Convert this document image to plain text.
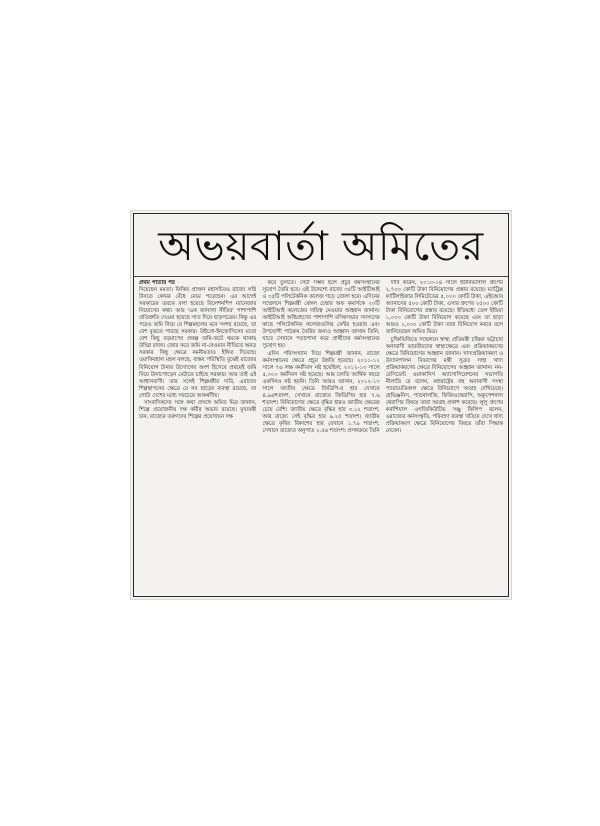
অভয়বার্তা অমিতের

প্রথম পাতার পর
দিয়েছেন মমতা। ফিকির প্রাক্তন মহাসচিবও রাজ্যে লগ্নি টানতে কোমর বেঁধে নেমে পড়েছেন। এর আগেই সরকারের তরফে বলা হয়েছে রিলেশনশিপ ম্যানেজার নিয়োগের কথা। আর 'এক জানালা নীতির' পাশাপাশি প্রতিশ্রুতি দেওয়া হয়েছে সাত দিনে ছাড়পত্রের। কিন্তু এর পরেও জমি নিয়ে যে শিল্পমহলের মনে সংশয় রয়েছে, তা বেশ বুঝতে পারছে সরকার। উইপ্রো-ইনফোসিসের মতো বেশ কিছু বড়মাপের প্রকল্প জমি-জটে থমকে থাকায় উদ্বিগ্ন রাজ্য। জোর করে জমি না-নেওয়ার নীতিতে অনড় সরকার কিছু ক্ষেত্রে নমনীয়তাও ইঙ্গিত দিয়েছে। ওয়াকিবহাল মহল বলছে, বাস্তব পরিস্থিতি বুঝেই রাজ্যের বিনিয়োগ টানার উদ্যোগের অংশ হিসেবে প্রথমেই জমি নিয়ে টানাপোড়েন মেটাতে চাইছে সরকার। আর তাই এই আশ্বাসবাণী। তার সঙ্গেই শিল্পমন্ত্রীর দাবি, এরাজ্যে শিল্পস্থাপনের ক্ষেত্রে যে সব ছাড়ের ব্যবস্থা রয়েছে, তা গোটা দেশের মধ্যে সবচেয়ে আকর্ষণীয়।

সাংবাদিকদের সঙ্গে কথা প্রসঙ্গে অমিত মিত্র জানান, শিল্পে প্রয়োজনীয় দক্ষ কর্মীর অভাব রয়েছে। মুখ্যমন্ত্রী চান, রাজ্যের তরুণদের শিল্পের প্রয়োজনে দক্ষ

করে তুলতে। সেটা সম্ভব হলে প্রচুর কর্মসংস্থানের সুযোগ তৈরি হবে। এই উদ্দেশ্যে রাজ্যে ৩৫টি আইটিআই ও ৩৫টি পলিটেকনিক কলেজ গড়ে তোলা হবে। এদিনের সম্মেলনে শিল্পমন্ত্রী বেঙ্গল চেম্বার অফ কমার্সকে ২০টি আইটিআই কলেজের দায়িত্ব নেওয়ার আহ্বান জানান। আইটিআই অধিগ্রহণের পাশাপাশি বণিকসভার সদস্যদের কাছে পলিটেকনিক কলেজগুলির মেন্টর হওয়ার এবং উপযোগী পাঠক্রম তৈরির জন্যও আহ্বান জানান তিনি, যাতে সেখানে পড়াশোনা করে প্রার্থীদের কর্মসংস্থানের সুযোগ হয়।

এদিন পরিসংখ্যান দিয়ে শিল্পমন্ত্রী জানান, রাজ্যে কর্মসংস্থানের ক্ষেত্রে প্রচুর উন্নতি হয়েছে। ২০১১-১২ সালে ৭৬ লক্ষ কর্মদিবস নষ্ট হয়েছিল, ২০১২-১৩ সালে ৫,০০০ কর্মদিবস নষ্ট হয়েছে। আর চলতি আর্থিক বছরে একদিনও নষ্ট হয়নি। তিনি আরও জানান, ২০১২-১৩ সালে জাতীয় ক্ষেত্রে জিডিপি-র হার যেখানে ৪.৯৬শতাংশ, সেখানে রাজ্যের জিডিপির হার ৭.৬ শতাংশ। বিনিয়োগের ক্ষেত্রে বৃদ্ধির হারও জাতীয় ক্ষেত্রের চেয়ে বেশি। জাতীয় ক্ষেত্রে বৃদ্ধির হার ৩.১২ শতাংশ, আর রাজ্যে সেই বৃদ্ধির হার ৯.২৫ শতাংশ। জাতীয় ক্ষেত্রে কৃষির বিকাশের হার যেখানে ১.৭৯ শতাংশ, সেখানে রাজ্যের অনুপাত ২.৫৬ শতাংশ। প্রসঙ্গক্রমে তিনি

দাবি করেন, ২০১৩-১৪ সালে ইউনিভার্সাল গ্রুপের ২,৭০০ কোটি টাকা বিনিয়োগের প্রস্তাব রয়েছে। ম্যাট্রিক্স ফার্টিলাইজার লিমিটেডের ৫,০০০ কোটি টাকা, এইচআর অ্যানাসের ৫০০ কোটি টাকা, এসার গ্রুপের ২৫০০ কোটি টাকা বিনিয়োগের প্রস্তাব রয়েছে। ইতিমধ্যে তেল ইন্ডিয়া ১,০০০ কোটি টাকা বিনিয়োগ করেছে এবং তা ছাড়া আরও ১,০০০ কোটি টাকা তারা বিনিয়োগ করবে বলে জানিয়েছেন অমিত মিত্র।

চুক্তিভিত্তিতে সম্মেলনে স্বাস্থ্য প্রতিমন্ত্রী চন্দ্রিমা ভট্টাচার্য অনাবাসী ভারতীয়দের স্বাস্থ্যক্ষেত্রে এবং প্রক্রিয়াকরণের ক্ষেত্রে বিনিয়োগের আহ্বান জানান। খাদ্যপ্রক্রিয়াকরণ ও উদ্যানপালন বিভাগের মন্ত্রী সুব্রত সাহা খাদ্য প্রক্রিয়াকরণের ক্ষেত্রে বিনিয়োগের আহ্বান জানান। নন-রেসিডেন্ট ওয়াকাসিস অ্যাসোসিয়েশনের সভাপতি নীলাদ্রি রে বলেন, মহারাষ্ট্রের বহু অনাবাসী সংস্থা প্যারামেডিকাল ক্ষেত্রে বিনিয়োগে আগ্রহ দেখিয়েছে। হেভিঞ্জনিস, প্যাথোলজি, ফিজিওথেরাপি, অকুপেশনাল থেরাপির বিষয়ে তারা আগ্রহ প্রকাশ করেছে। লুলু গ্রুপের কর্মাশিয়াল এগজিকিউটিভ সঞ্জু ফিলিপ বলেন, এরাজ্যের কর্মসংস্কৃতি, পরিবহণ ব্যবস্থা খতিয়ে দেখে খাদ্য প্রক্রিয়াকরণ ক্ষেত্রে বিনিয়োগের বিষয়ে তাঁরা সিদ্ধান্ত নেবেন।
